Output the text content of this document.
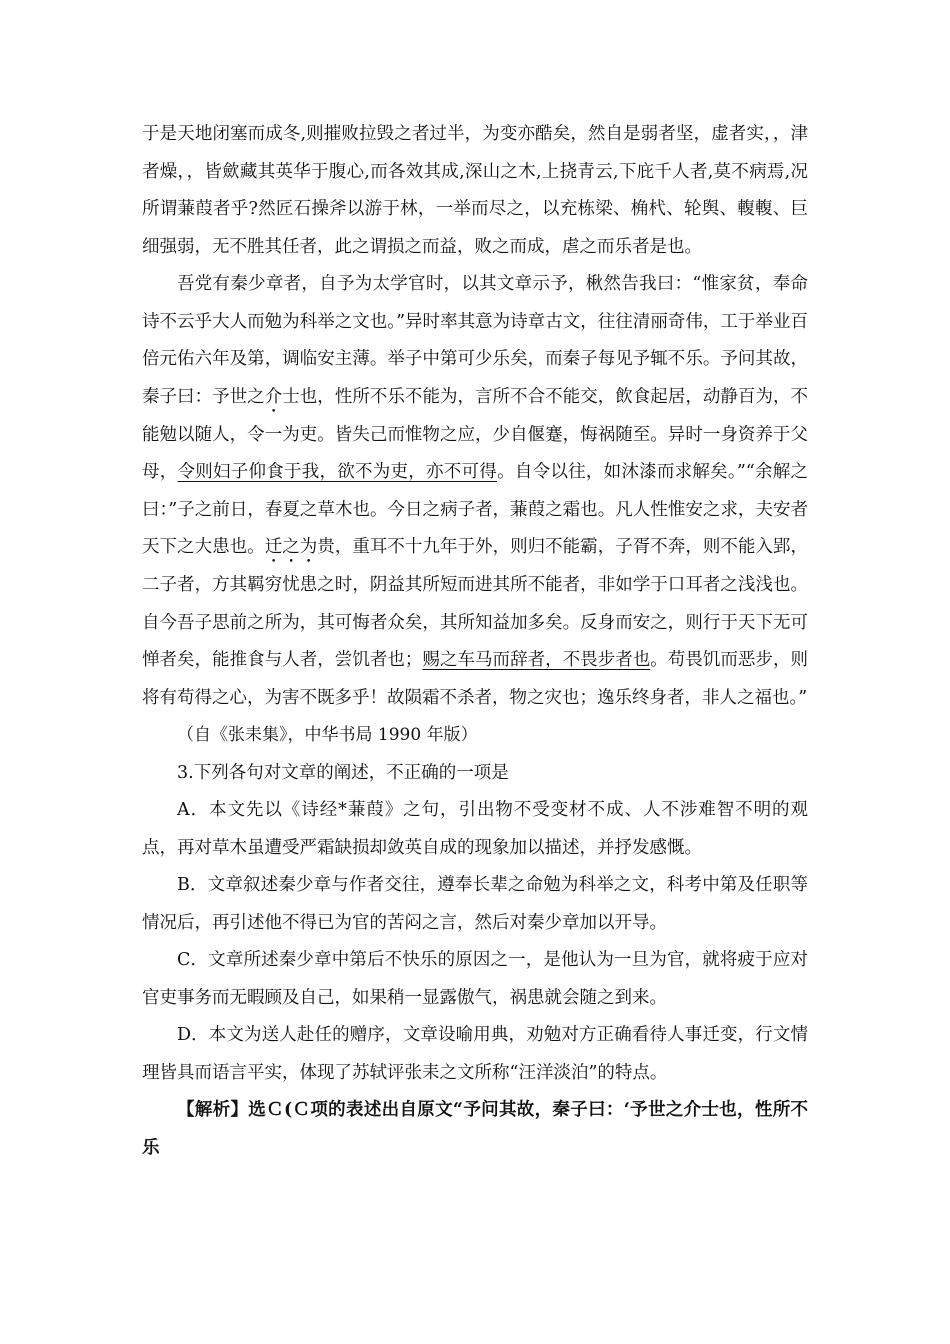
于是天地闭塞而成冬,则摧败拉毁之者过半，为变亦酷矣，然自是弱者坚，虚者实，，津者燥，，皆歛藏其英华于腹心,而各效其成,深山之木,上挠青云,下庇千人者,莫不病焉,况所谓蒹葭者乎?然匠石操斧以游于林，一举而尽之，以充栋梁、桷杙、轮舆、輹輹、巨细强弱，无不胜其任者，此之谓损之而益，败之而成，虐之而乐者是也。

吾党有秦少章者，自予为太学官时，以其文章示予，楸然告我曰：“惟家贫，奉命诗不云乎大人而勉为科举之文也。”异时率其意为诗章古文，往往清丽奇伟，工于举业百倍元佑六年及第，调临安主薄。举子中第可少乐矣，而秦子每见予辄不乐。予问其故，秦子曰：予世之介士也，性所不乐不能为，言所不合不能交，飲食起居，动静百为，不能勉以随人，令一为吏。皆失己而惟物之应，少自偃蹇，悔祸随至。异时一身资养于父母，令则妇子仰食于我，欲不为吏，亦不可得。自令以往，如沐漆而求解矣。”“余解之曰：”子之前日，春夏之草木也。今日之病子者，蒹葭之霜也。凡人性惟安之求，夫安者天下之大患也。迁之为贵，重耳不十九年于外，则归不能霸，子胥不奔，则不能入郢，二子者，方其羁穷忧患之时，阴益其所短而进其所不能者，非如学于口耳者之浅浅也。自今吾子思前之所为，其可悔者众矣，其所知益加多矣。反身而安之，则行于天下无可惮者矣，能推食与人者，尝饥者也；赐之车马而辞者，不畏步者也。苟畏饥而恶步，则将有苟得之心，为害不既多乎！故陨霜不杀者，物之灾也；逸乐终身者，非人之福也。”

（自《张耒集》，中华书局 1990 年版）

3.下列各句对文章的阐述，不正确的一项是

A．本文先以《诗经*蒹葭》之句，引出物不受变材不成、人不涉难智不明的观点，再对草木虽遭受严霜缺损却敛英自成的现象加以描述，并抒发感慨。

B．文章叙述秦少章与作者交往，遵奉长辈之命勉为科举之文，科考中第及任职等情况后，再引述他不得已为官的苦闷之言，然后对秦少章加以开导。

C．文章所述秦少章中第后不快乐的原因之一，是他认为一旦为官，就将疲于应对官吏事务而无暇顾及自己，如果稍一显露傲气，祸患就会随之到来。

D．本文为送人赴任的赠序，文章设喻用典，劝勉对方正确看待人事迁变，行文情理皆具而语言平实，体现了苏轼评张耒之文所称“汪洋淡泊”的特点。

【解析】选Ｃ(Ｃ项的表述出自原文“予问其故，秦子曰：‘予世之介士也，性所不乐
